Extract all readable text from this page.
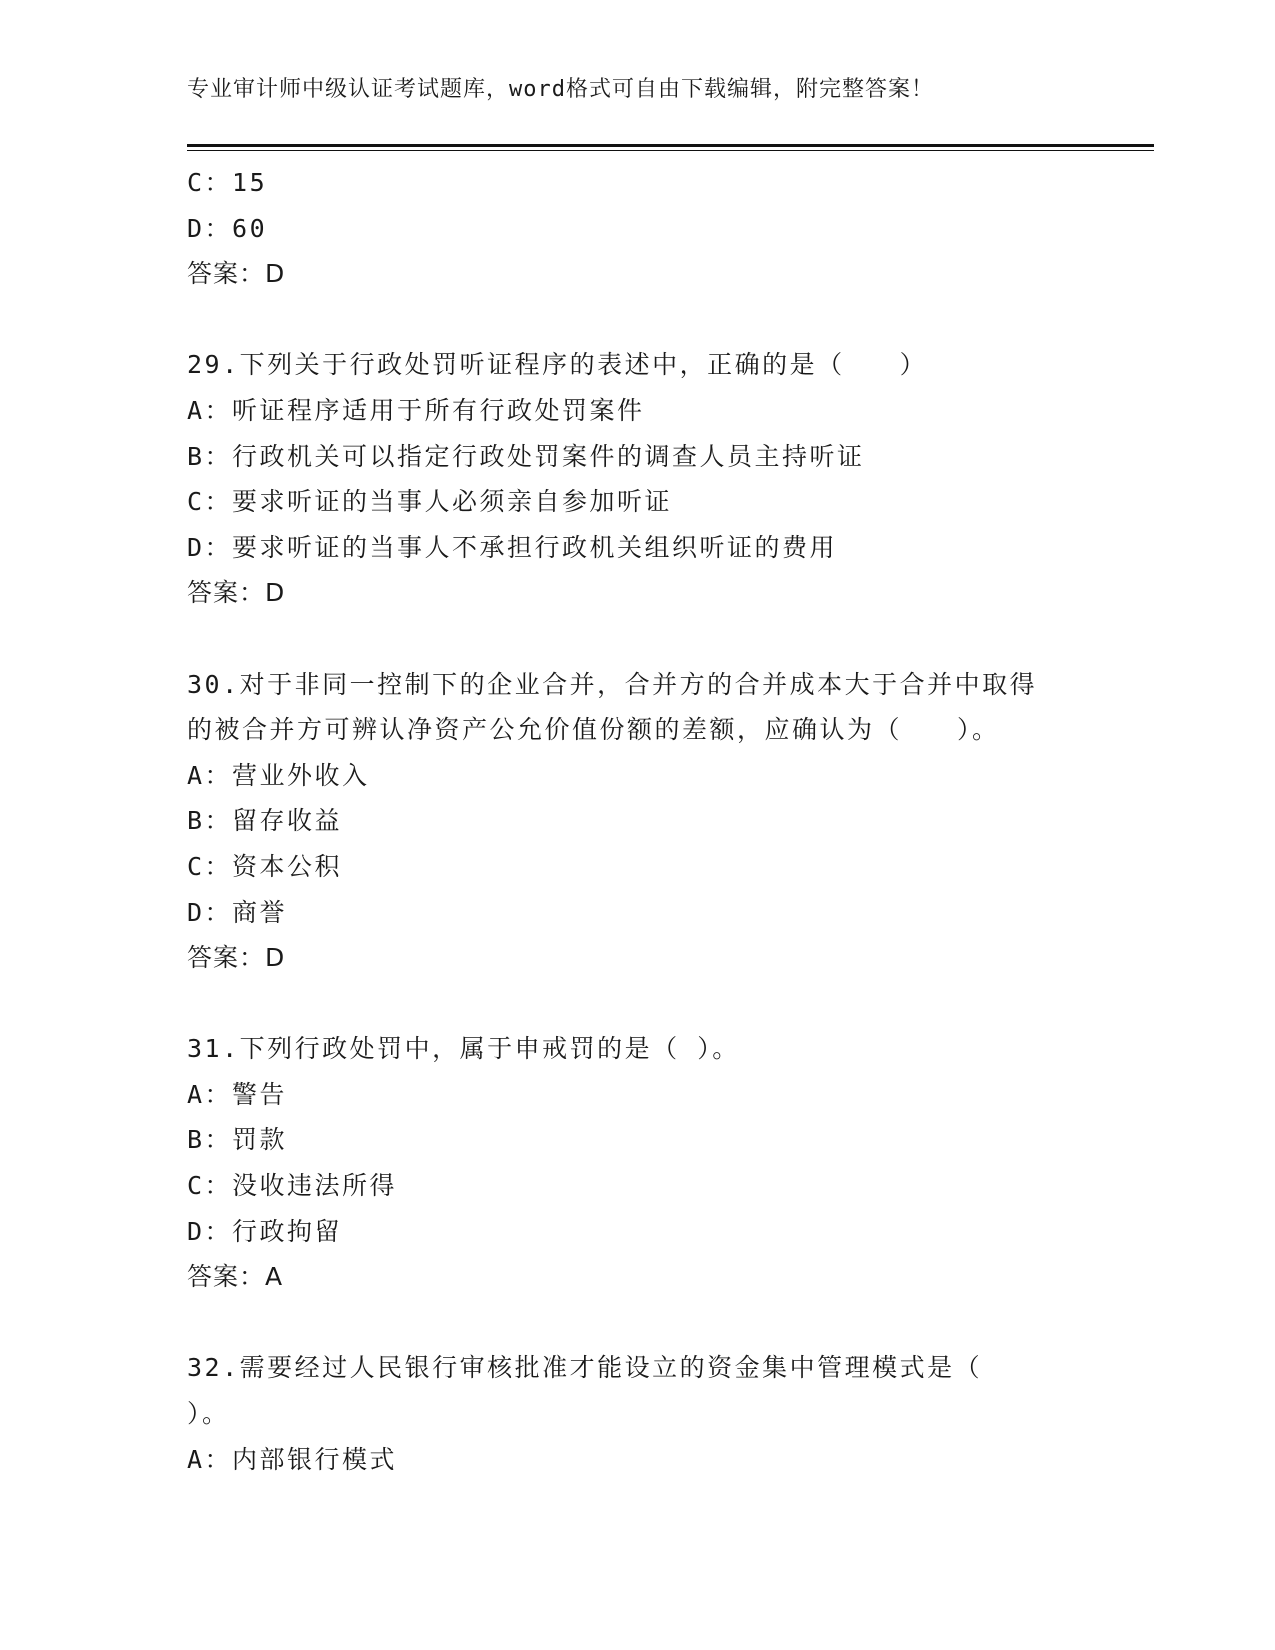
专业审计师中级认证考试题库，word格式可自由下载编辑，附完整答案！
C：15
D：60
答案：D
29.下列关于行政处罚听证程序的表述中，正确的是（　　）
A：听证程序适用于所有行政处罚案件
B：行政机关可以指定行政处罚案件的调查人员主持听证
C：要求听证的当事人必须亲自参加听证
D：要求听证的当事人不承担行政机关组织听证的费用
答案：D
30.对于非同一控制下的企业合并，合并方的合并成本大于合并中取得
的被合并方可辨认净资产公允价值份额的差额，应确认为（　　）。
A：营业外收入
B：留存收益
C：资本公积
D：商誉
答案：D
31.下列行政处罚中，属于申戒罚的是（ ）。
A：警告
B：罚款
C：没收违法所得
D：行政拘留
答案：A
32.需要经过人民银行审核批准才能设立的资金集中管理模式是（
）。
A：内部银行模式
